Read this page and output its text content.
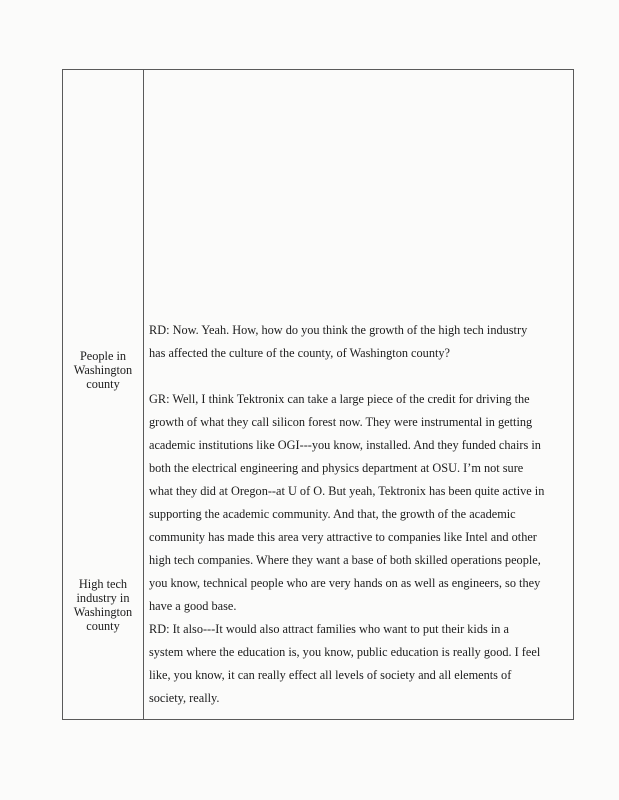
People in
Washington
county
High tech
industry in
Washington
county
RD: Now. Yeah. How, how do you think the growth of the high tech industry
has affected the culture of the county, of Washington county?
GR: Well, I think Tektronix can take a large piece of the credit for driving the
growth of what they call silicon forest now. They were instrumental in getting
academic institutions like OGI---you know, installed. And they funded chairs in
both the electrical engineering and physics department at OSU. I’m not sure
what they did at Oregon--at U of O. But yeah, Tektronix has been quite active in
supporting the academic community. And that, the growth of the academic
community has made this area very attractive to companies like Intel and other
high tech companies. Where they want a base of both skilled operations people,
you know, technical people who are very hands on as well as engineers, so they
have a good base.
RD: It also---It would also attract families who want to put their kids in a
system where the education is, you know, public education is really good. I feel
like, you know, it can really effect all levels of society and all elements of
society, really.
